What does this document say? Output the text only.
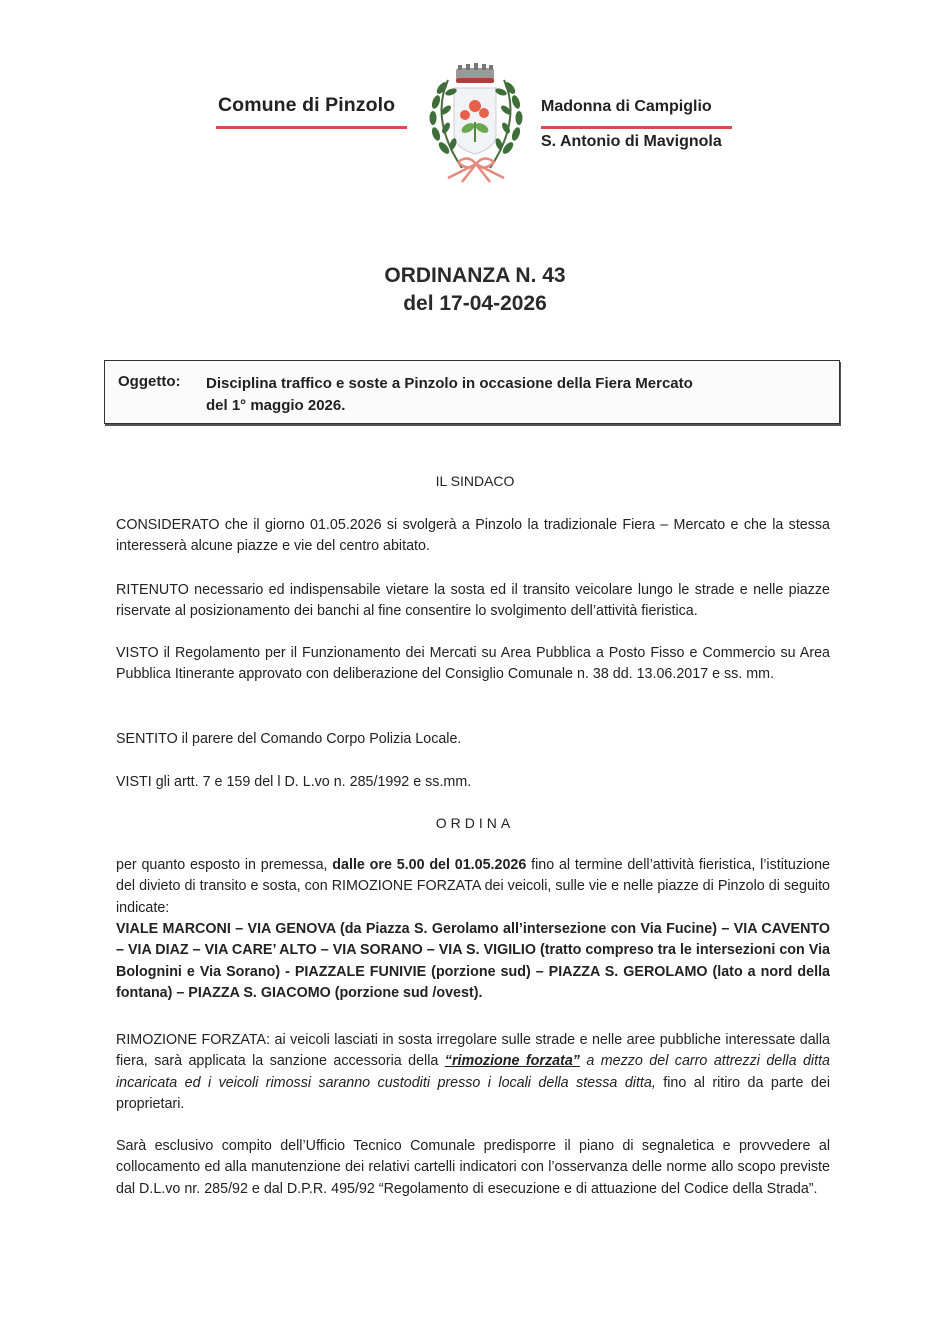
Comune di Pinzolo	Madonna di Campiglio
S. Antonio di Mavignola
ORDINANZA N. 43
del 17-04-2026
Oggetto: Disciplina traffico e soste a Pinzolo in occasione della Fiera Mercato
del 1° maggio 2026.
IL SINDACO
CONSIDERATO che il giorno 01.05.2026 si svolgerà a Pinzolo la tradizionale Fiera – Mercato e che la stessa interesserà alcune piazze e vie del centro abitato.
RITENUTO necessario ed indispensabile vietare la sosta ed il transito veicolare lungo le strade e nelle piazze riservate al posizionamento dei banchi al fine consentire lo svolgimento dell’attività fieristica.
VISTO il Regolamento per il Funzionamento dei Mercati su Area Pubblica a Posto Fisso e Commercio su Area Pubblica Itinerante approvato con deliberazione del Consiglio Comunale n. 38 dd. 13.06.2017 e ss. mm.
SENTITO il parere del Comando Corpo Polizia Locale.
VISTI gli artt. 7 e 159 del l D. L.vo n. 285/1992 e ss.mm.
ORDINA
per quanto esposto in premessa, dalle ore 5.00 del 01.05.2026 fino al termine dell’attività fieristica, l’istituzione del divieto di transito e sosta, con RIMOZIONE FORZATA dei veicoli, sulle vie e nelle piazze di Pinzolo di seguito indicate:
VIALE MARCONI – VIA GENOVA (da Piazza S. Gerolamo all’intersezione con Via Fucine) – VIA CAVENTO – VIA DIAZ – VIA CARE’ ALTO – VIA SORANO – VIA S. VIGILIO (tratto compreso tra le intersezioni con Via Bolognini e Via Sorano) - PIAZZALE FUNIVIE (porzione sud) – PIAZZA S. GEROLAMO (lato a nord della fontana) – PIAZZA S. GIACOMO (porzione sud /ovest).
RIMOZIONE FORZATA: ai veicoli lasciati in sosta irregolare sulle strade e nelle aree pubbliche interessate dalla fiera, sarà applicata la sanzione accessoria della “rimozione forzata” a mezzo del carro attrezzi della ditta incaricata ed i veicoli rimossi saranno custoditi presso i locali della stessa ditta, fino al ritiro da parte dei proprietari.
Sarà esclusivo compito dell’Ufficio Tecnico Comunale predisporre il piano di segnaletica e provvedere al collocamento ed alla manutenzione dei relativi cartelli indicatori con l’osservanza delle norme allo scopo previste dal D.L.vo nr. 285/92 e dal D.P.R. 495/92 “Regolamento di esecuzione e di attuazione del Codice della Strada”.
